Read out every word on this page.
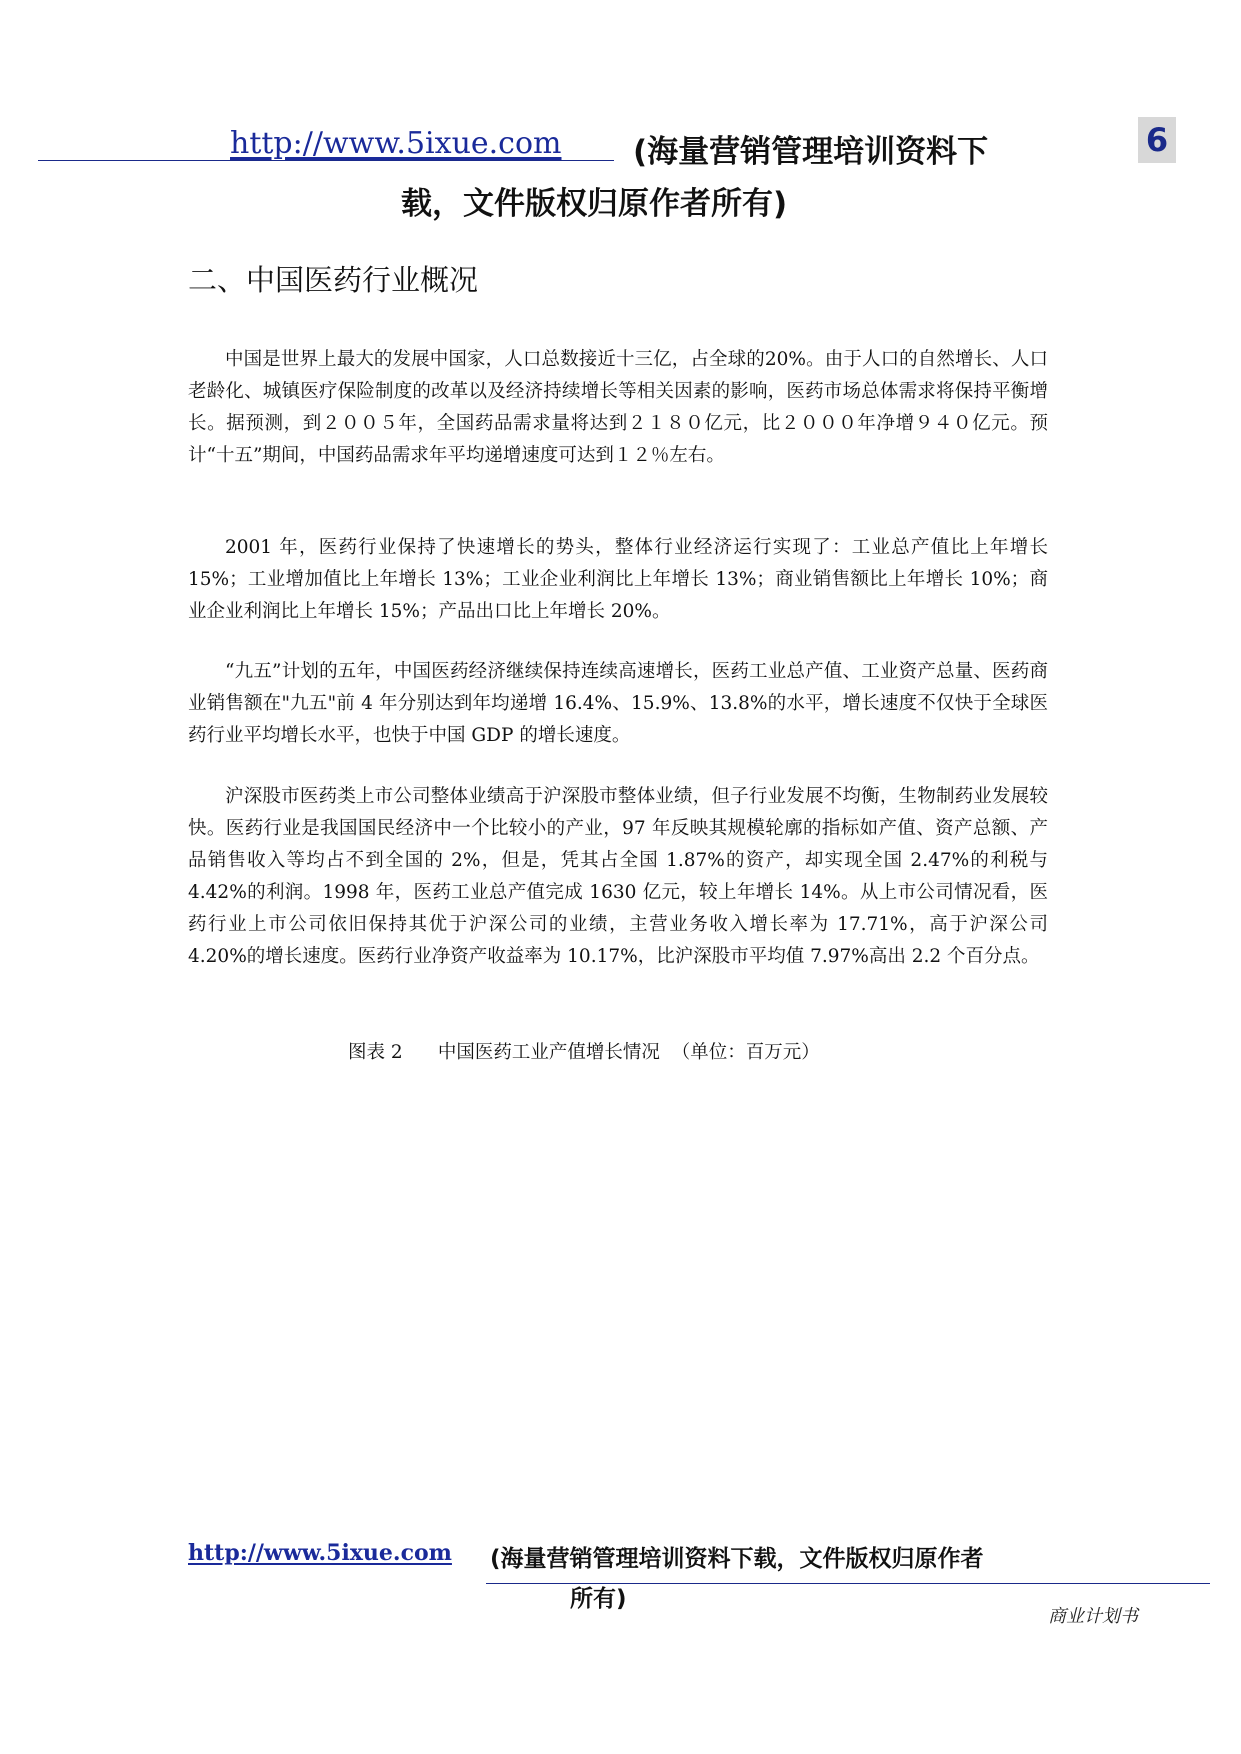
http://www.5ixue.com (海量营销管理培训资料下
载，文件版权归原作者所有)
6
二、中国医药行业概况

中国是世界上最大的发展中国家，人口总数接近十三亿，占全球的20%。由于人口的自然增长、人口老龄化、城镇医疗保险制度的改革以及经济持续增长等相关因素的影响，医药市场总体需求将保持平衡增长。据预测，到２００５年，全国药品需求量将达到２１８０亿元，比２０００年净增９４０亿元。预计“十五”期间，中国药品需求年平均递增速度可达到１２％左右。

2001 年，医药行业保持了快速增长的势头，整体行业经济运行实现了：工业总产值比上年增长 15%；工业增加值比上年增长 13%；工业企业利润比上年增长 13%；商业销售额比上年增长 10%；商业企业利润比上年增长 15%；产品出口比上年增长 20%。

“九五”计划的五年，中国医药经济继续保持连续高速增长，医药工业总产值、工业资产总量、医药商业销售额在"九五"前 4 年分别达到年均递增 16.4%、15.9%、13.8%的水平，增长速度不仅快于全球医药行业平均增长水平，也快于中国 GDP 的增长速度。

沪深股市医药类上市公司整体业绩高于沪深股市整体业绩，但子行业发展不均衡，生物制药业发展较快。医药行业是我国国民经济中一个比较小的产业，97 年反映其规模轮廓的指标如产值、资产总额、产品销售收入等均占不到全国的 2%，但是，凭其占全国 1.87%的资产，却实现全国 2.47%的利税与 4.42%的利润。1998 年，医药工业总产值完成 1630 亿元，较上年增长 14%。从上市公司情况看，医药行业上市公司依旧保持其优于沪深公司的业绩，主营业务收入增长率为 17.71%，高于沪深公司 4.20%的增长速度。医药行业净资产收益率为 10.17%，比沪深股市平均值 7.97%高出 2.2 个百分点。

图表 2      中国医药工业产值增长情况  （单位：百万元）
http://www.5ixue.com (海量营销管理培训资料下载，文件版权归原作者
所有)
商业计划书
